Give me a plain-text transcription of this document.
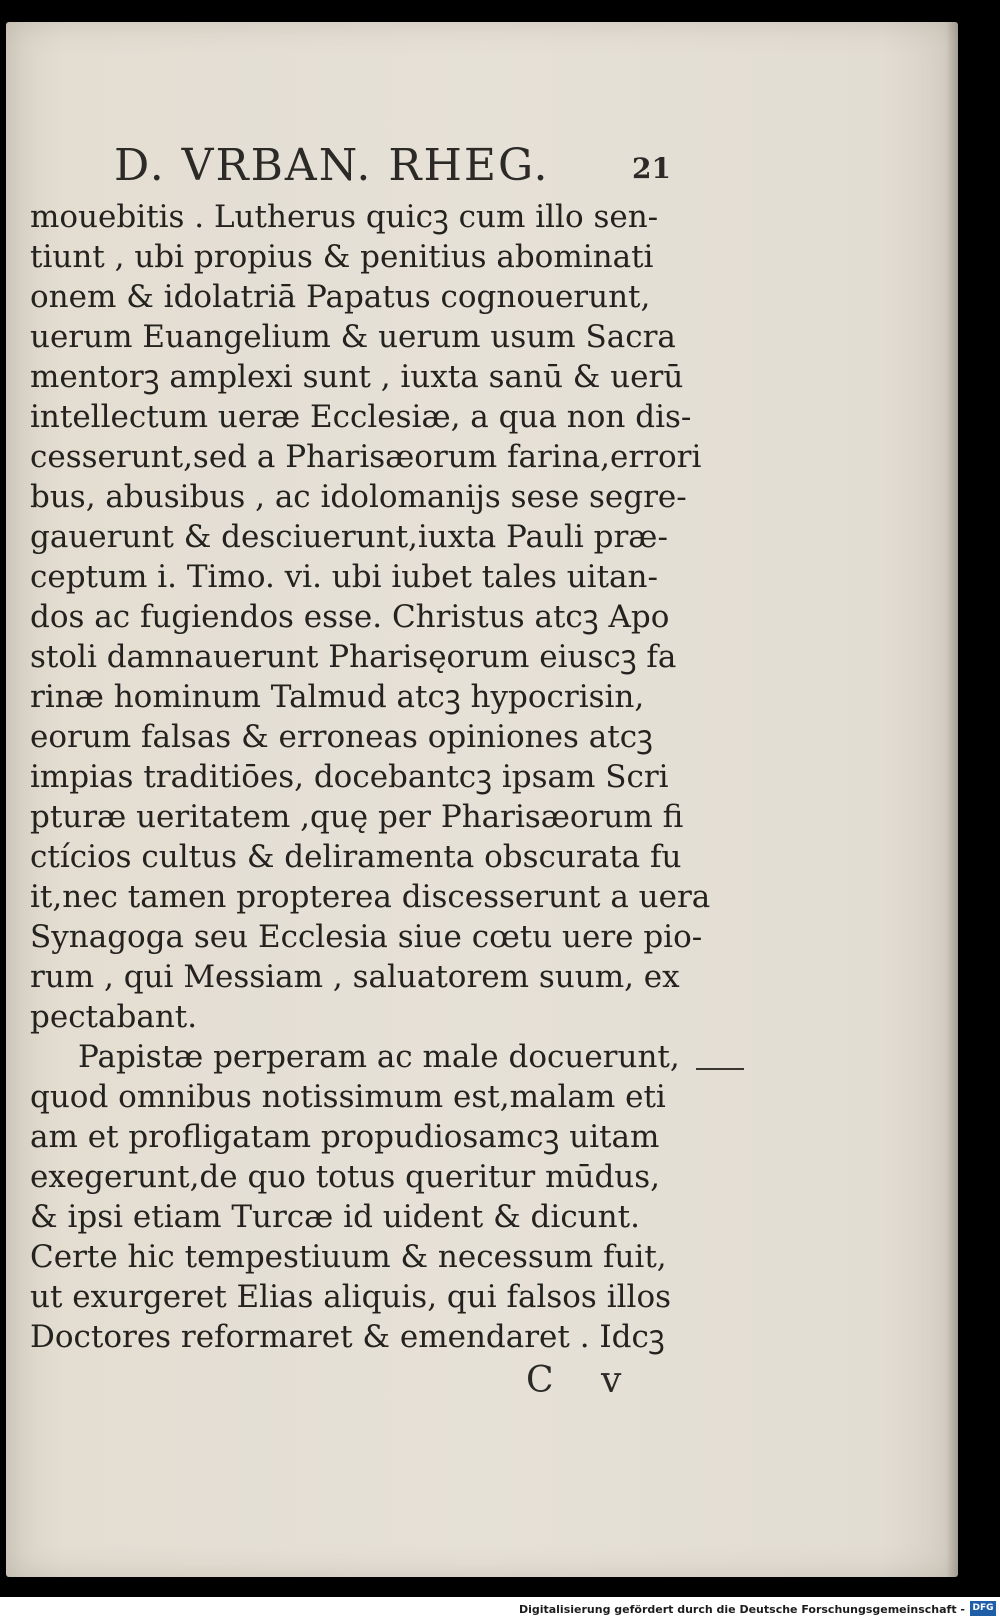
D. VRBAN. RHEG.	21
mouebitis . Lutherus quicꝫ cum illo sen-
tiunt , ubi propius & penitius abominati
onem & idolatriā Papatus cognouerunt,
uerum Euangelium & uerum usum Sacra
mentorꝫ amplexi sunt , iuxta sanū & uerū
intellectum ueræ Ecclesiæ, a qua non dis-
cesserunt,sed a Pharisæorum farina,errori
bus, abusibus , ac idolomanijs sese segre-
gauerunt & desciuerunt,iuxta Pauli præ-
ceptum i. Timo. vi. ubi iubet tales uitan-
dos ac fugiendos esse. Christus atcꝫ Apo
stoli damnauerunt Pharisęorum eiuscꝫ fa
rinæ hominum Talmud atcꝫ hypocrisin,
eorum falsas & erroneas opiniones atcꝫ
impias traditiōes, docebantcꝫ ipsam Scri
pturæ ueritatem ,quę per Pharisæorum fi
ctícios cultus & deliramenta obscurata fu
it,nec tamen propterea discesserunt a uera
Synagoga seu Ecclesia siue cœtu uere pio-
rum , qui Messiam , saluatorem suum, ex
pectabant.
Papistæ perperam ac male docuerunt,
quod omnibus notissimum est,malam eti
am et profligatam propudiosamcꝫ uitam
exegerunt,de quo totus queritur mūdus,
& ipsi etiam Turcæ id uident & dicunt.
Certe hic tempestiuum & necessum fuit,
ut exurgeret Elias aliquis, qui falsos illos
Doctores reformaret & emendaret . Idcꝫ
C v
Digitalisierung gefördert durch die Deutsche Forschungsgemeinschaft - DFG
